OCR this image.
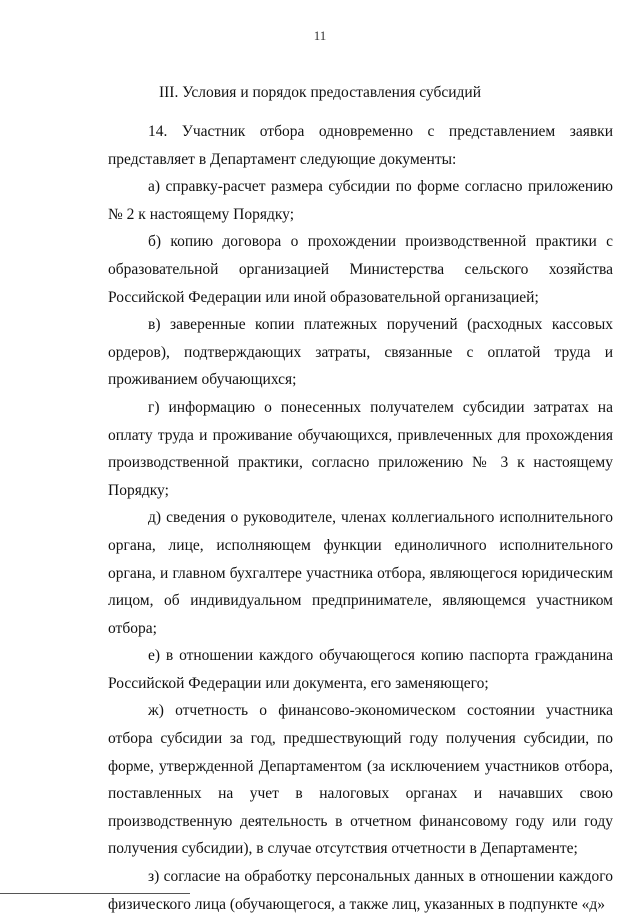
11
III. Условия и порядок предоставления субсидий

14. Участник отбора одновременно с представлением заявки представляет в Департамент следующие документы:

а) справку-расчет размера субсидии по форме согласно приложению № 2 к настоящему Порядку;

б) копию договора о прохождении производственной практики с образовательной организацией Министерства сельского хозяйства Российской Федерации или иной образовательной организацией;

в) заверенные копии платежных поручений (расходных кассовых ордеров), подтверждающих затраты, связанные с оплатой труда и проживанием обучающихся;

г) информацию о понесенных получателем субсидии затратах на оплату труда и проживание обучающихся, привлеченных для прохождения производственной практики, согласно приложению № 3 к настоящему Порядку;

д) сведения о руководителе, членах коллегиального исполнительного органа, лице, исполняющем функции единоличного исполнительного органа, и главном бухгалтере участника отбора, являющегося юридическим лицом, об индивидуальном предпринимателе, являющемся участником отбора;

е) в отношении каждого обучающегося копию паспорта гражданина Российской Федерации или документа, его заменяющего;

ж) отчетность о финансово-экономическом состоянии участника отбора субсидии за год, предшествующий году получения субсидии, по форме, утвержденной Департаментом (за исключением участников отбора, поставленных на учет в налоговых органах и начавших свою производственную деятельность в отчетном финансовому году или году получения субсидии), в случае отсутствия отчетности в Департаменте;

з) согласие на обработку персональных данных в отношении каждого физического лица (обучающегося, а также лиц, указанных в подпункте «д»
